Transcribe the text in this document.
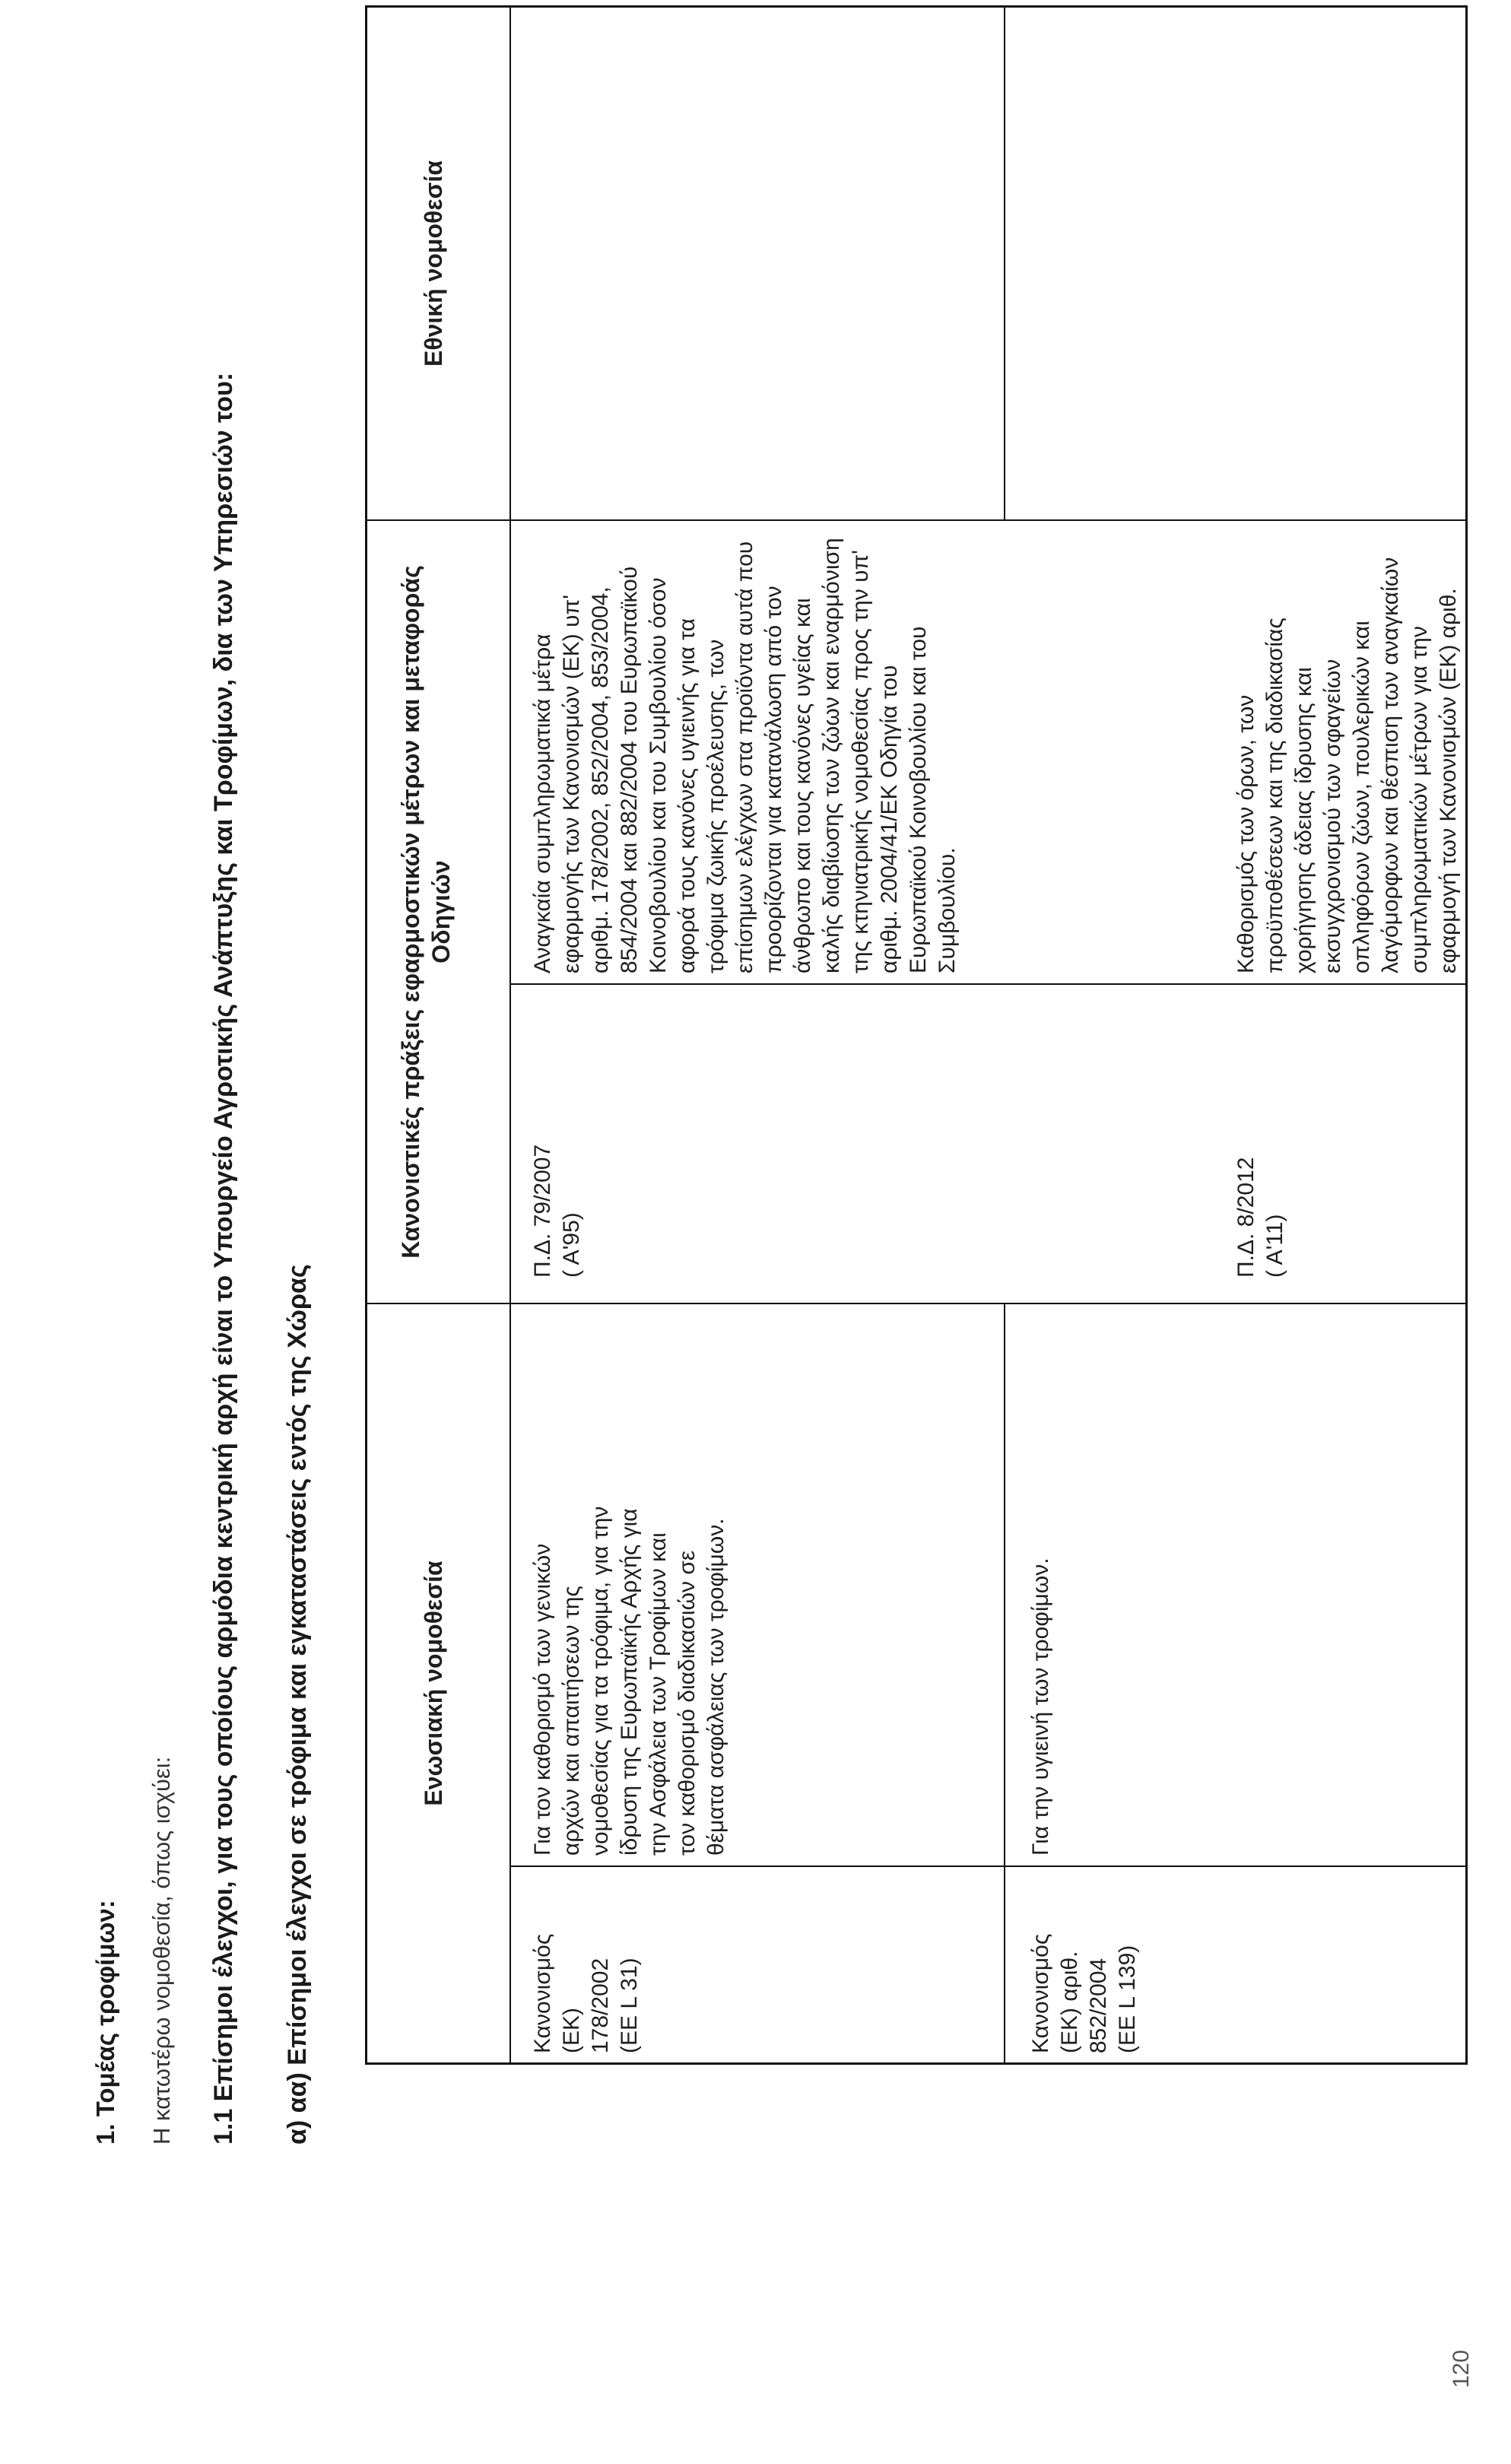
1. Τομέας τροφίμων: Η κατωτέρω νομοθεσία, όπως ισχύει: 1.1 Επίσημοι έλεγχοι, για τους οποίους αρμόδια κεντρική αρχή είναι το Υπουργείο Αγροτικής Ανάπτυξης και Τροφίμων, δια των Υπηρεσιών του: α) αα) Επίσημοι έλεγχοι σε τρόφιμα και εγκαταστάσεις εντός της Χώρας	Ενωσιακή νομοθεσία
Κανονιστικές πράξεις εφαρμοστικών μέτρων και μεταφοράς Οδηγιών
Εθνική νομοθεσία
Κανονισμός
(ΕΚ)
178/2002
(ΕΕ L 31)
Για τον καθορισμό των γενικών
αρχών και απαιτήσεων της
νομοθεσίας για τα τρόφιμα, για την
ίδρυση της Ευρωπαϊκής Αρχής για
την Ασφάλεια των Τροφίμων και
τον καθορισμό διαδικασιών σε
θέματα ασφάλειας των τροφίμων.
Π.Δ. 79/2007
( Α'95)
Αναγκαία συμπληρωματικά μέτρα
εφαρμογής των Κανονισμών (ΕΚ) υπ'
αριθμ. 178/2002, 852/2004, 853/2004,
854/2004 και 882/2004 του Ευρωπαϊκού
Κοινοβουλίου και του Συμβουλίου όσον
αφορά τους κανόνες υγιεινής για τα
τρόφιμα ζωικής προέλευσης, των
επίσημων ελέγχων στα προϊόντα αυτά που
προορίζονται για κατανάλωση από τον
άνθρωπο και τους κανόνες υγείας και
καλής διαβίωσης των ζώων και εναρμόνιση
της κτηνιατρικής νομοθεσίας προς την υπ'
αριθμ. 2004/41/ΕΚ Οδηγία του
Ευρωπαϊκού Κοινοβουλίου και του
Συμβουλίου.
Κανονισμός
(ΕΚ) αριθ.
852/2004
(ΕΕ L 139)
Για την υγιεινή των τροφίμων.
Π.Δ. 8/2012
( Α'11)
Καθορισμός των όρων, των
προϋποθέσεων και της διαδικασίας
χορήγησης άδειας ίδρυσης και
εκσυγχρονισμού των σφαγείων
οπληφόρων ζώων, πουλερικών και
λαγόμορφων και θέσπιση των αναγκαίων
συμπληρωματικών μέτρων για την
εφαρμογή των Κανονισμών (ΕΚ) αριθ.
120
